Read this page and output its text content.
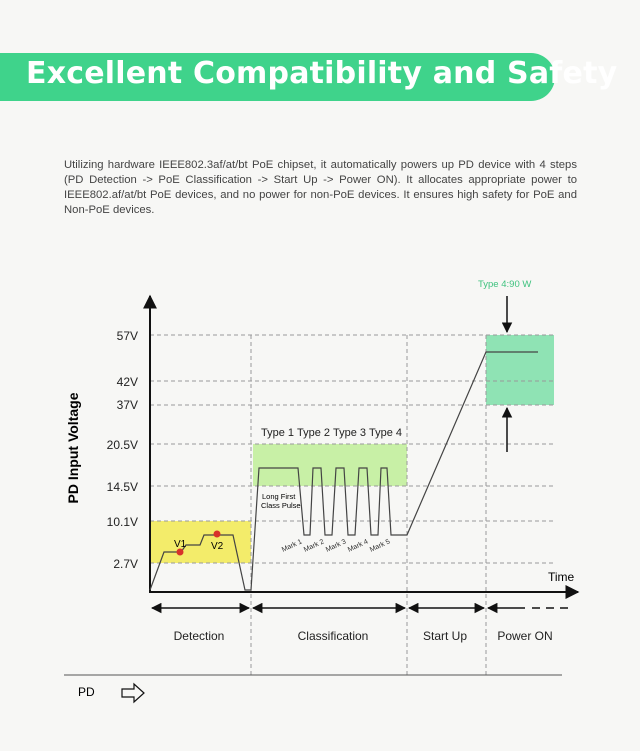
Excellent Compatibility and Safety
Utilizing hardware IEEE802.3af/at/bt PoE chipset, it automatically powers up PD device with 4 steps (PD Detection -> PoE Classification -> Start Up -> Power ON). It allocates appropriate power to IEEE802.af/at/bt PoE devices, and no power for non-PoE devices. It ensures high safety for PoE and Non-PoE devices.
V1 V2
57V
42V
37V
20.5V
14.5V
10.1V
2.7V
PD Input Voltage
Time
Type 1 Type 2 Type 3 Type 4
Long First
Class Pulse
Mark 1 Mark 2 Mark 3 Mark 4 Mark 5
Type 4:90 W
Detection	Classification	Start Up	Power ON
PD
